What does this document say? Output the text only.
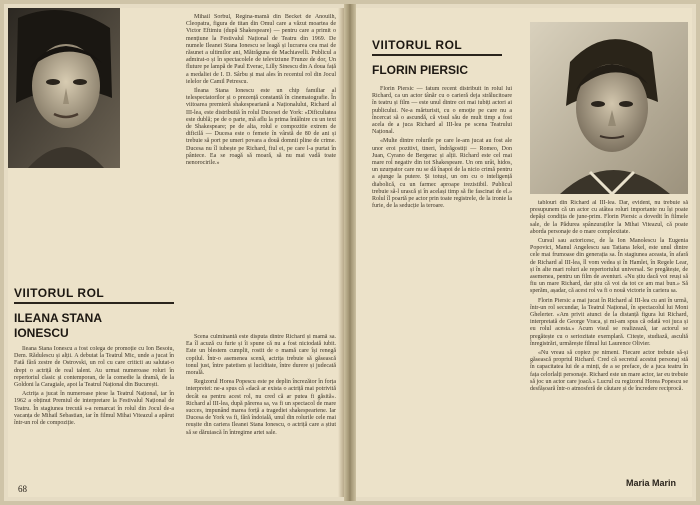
Mihail Sorbul, Regina-mamă din Becket de Anouilh, Cleopatra, figura de titan din Omul care a văzut moartea de Victor Eftimiu (după Shakespeare) — pentru care a primit o mențiune la Festivalul Național de Teatru din 1969. De numele Ileanei Stana Ionescu se leagă și lucrarea cea mai de răsunet a ultimilor ani, Mătrăguna de Machiavelli. Publicul a admirat-o și în spectacolele de televiziune Frunze de dor, Un fluture pe lampă de Paul Everac, Lilly Sinescu din A doua față a medaliei de I. D. Sârbu și mai ales în recentul rol din Jocul ielelor de Camil Petrescu.

Ileana Stana Ionescu este un chip familiar al telespectatorilor și o prezență constantă în cinematografie. În viitoarea premieră shakespeariană a Naționalului, Richard al III-lea, este distribuită în rolul Ducesei de York: «Dificultatea este dublă; pe de o parte, mă aflu la prima întâlnire cu un text de Shakespeare; pe de alta, rolul e compozitie extrem de dificilă — Ducesa este o femeie în vârstă de 80 de ani și trebuie să port pe umeri povara a două domnii pline de crime. Ducesa nu îl iubește pe Richard, fiul ei, pe care l-a purtat în pântece. Ea se roagă să moară, să nu mai vadă toate nenorocirile.»

VIITORUL ROL
ILEANA STANA
IONESCU

Ileana Stana Ionescu a fost colega de promoție cu Ion Besoiu, Dem. Rădulescu și alții. A debutat la Teatrul Mic, unde a jucat în Fată fără zestre de Ostrovski, un rol cu care criticii au salutat-o drept o actriță de real talent. Au urmat numeroase roluri în repertoriul clasic și contemporan, de la comedie la dramă, de la Goldoni la Caragiale, apoi la Teatrul Național din București.

Actrița a jucat în numeroase piese la Teatrul Național, iar în 1962 a obținut Premiul de interpretare la Festivalul Național de Teatru. În stagiunea trecută s-a remarcat în rolul din Jocul de-a vacanța de Mihail Sebastian, iar în filmul Mihai Viteazul a apărut într-un rol de compoziție.

Scena culminantă este disputa dintre Richard și mamă sa. Ea îl acuză cu furie și îi spune că nu a fost niciodată iubit. Este un blestem cumplit, rostit de o mamă care își renegă copilul. Într-o asemenea scenă, actrița trebuie să găsească tonul just, între patetism și luciditate, între durere și judecată morală.

Regizorul Horea Popescu este pe deplin încrezător în forța interpretei: ne-a spus că «dacă ar exista o actriță mai potrivită decât ea pentru acest rol, nu cred că ar putea fi găsită». Richard al III-lea, după părerea sa, va fi un spectacol de mare succes, impunând marea forță a tragediei shakespeariene. Iar Ducesa de York va fi, fără îndoială, unul din rolurile cele mai reușite din cariera Ileanei Stana Ionescu, o actriță care a știut să se dăruiască în întregime artei sale.

68
VIITORUL ROL
FLORIN PIERSIC

Florin Piersic — fatum recent distribuit în rolul lui Richard, ca un actor tânăr cu o carieră deja strălucitoare în teatru și film — este unul dintre cei mai iubiți actori ai publicului. Ne-a mărturisit, cu o emoție pe care nu a încercat să o ascundă, că visul său de mult timp a fost acela de a juca Richard al III-lea pe scena Teatrului Național.

«Multe dintre rolurile pe care le-am jucat au fost ale unor eroi pozitivi, tineri, îndrăgostiți — Romeo, Don Juan, Cyrano de Bergerac și alții. Richard este cel mai mare rol negativ din tot Shakespeare. Un om urât, hidos, un uzurpator care nu se dă înapoi de la nicio crimă pentru a ajunge la putere. Și totuși, un om cu o inteligență diabolică, cu un farmec aproape irezistibil. Publicul trebuie să-l urască și în același timp să fie fascinat de el.» Rolul îl poartă pe actor prin toate registrele, de la ironie la furie, de la seducție la teroare.

tablouri din Richard al III-lea. Dar, evident, nu trebuie să presupunem că un actor cu atâtea roluri importante nu își poate depăși condiția de june-prim. Florin Piersic a dovedit în filmele sale, de la Pădurea spânzuraților la Mihai Viteazul, că poate aborda personaje de o mare complexitate.

Cursul sau actoricesc, de la Ion Manolescu la Eugenia Popovici, Manul Angelescu sau Tatiana Iekel, este unul dintre cele mai frumoase din generația sa. În stagiunea aceasta, în afară de Richard al III-lea, îl vom vedea și în Hamlet, în Regele Lear, și în alte mari roluri ale repertoriului universal. Se pregătește, de asemenea, pentru un film de aventuri. «Nu știu dacă voi reuși să fiu un mare Richard, dar știu că voi da tot ce am mai bun.» Să sperăm, așadar, că acest rol va fi o nouă victorie în cariera sa.

Florin Piersic a mai jucat în Richard al III-lea cu ani în urmă, într-un rol secundar, la Teatrul Național, în spectacolul lui Moni Ghelerter. «Am privit atunci de la distanță figura lui Richard, interpretată de George Vraca, și mi-am spus că odată voi juca și eu rolul acesta.» Acum visul se realizează, iar actorul se pregătește cu o seriozitate exemplară. Citește, studiază, ascultă înregistrări, urmărește filmul lui Laurence Olivier.

«Nu vreau să copiez pe nimeni. Fiecare actor trebuie să-și găsească propriul Richard. Cred că secretul acestui personaj stă în capacitatea lui de a minți, de a se preface, de a juca teatru în fața celorlalți personaje. Richard este un mare actor, iar eu trebuie să joc un actor care joacă.» Lucrul cu regizorul Horea Popescu se desfășoară într-o atmosferă de căutare și de încredere reciprocă.

Maria Marin
